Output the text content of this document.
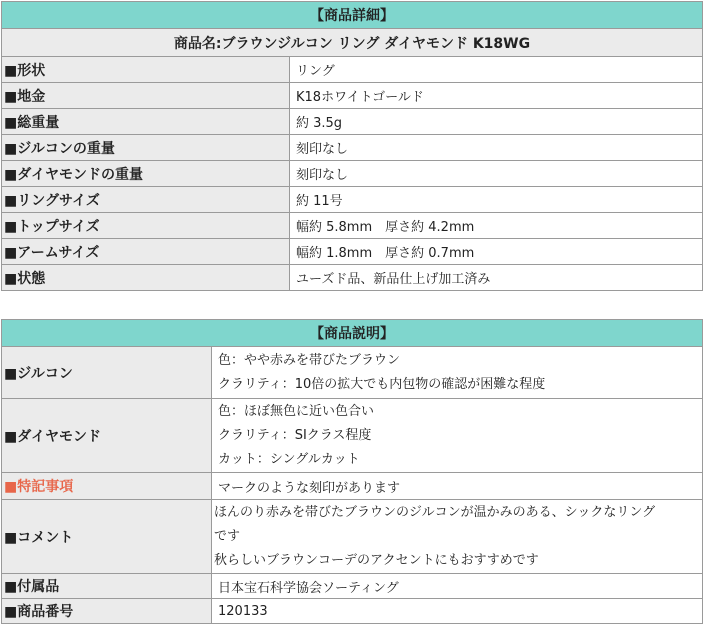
【商品詳細】	
商品名:ブラウンジルコン リング ダイヤモンド K18WG	
■形状	リング
■地金	K18ホワイトゴールド
■総重量	約 3.5g
■ジルコンの重量	刻印なし
■ダイヤモンドの重量	刻印なし
■リングサイズ	約 11号
■トップサイズ	幅約 5.8mm　厚さ約 4.2mm
■アームサイズ	幅約 1.8mm　厚さ約 0.7mm
■状態	ユーズド品、新品仕上げ加工済み
【商品説明】	
■ジルコン	色：やや赤みを帯びたブラウン
クラリティ：10倍の拡大でも内包物の確認が困難な程度

■ダイヤモンド	色：ほぼ無色に近い色合い
クラリティ：SIクラス程度
カット：シングルカット

■特記事項	マークのような刻印があります
■コメント	ほんのり赤みを帯びたブラウンのジルコンが温かみのある、シックなリング
です
秋らしいブラウンコーデのアクセントにもおすすめです

■付属品	日本宝石科学協会ソーティング
■商品番号	120133
